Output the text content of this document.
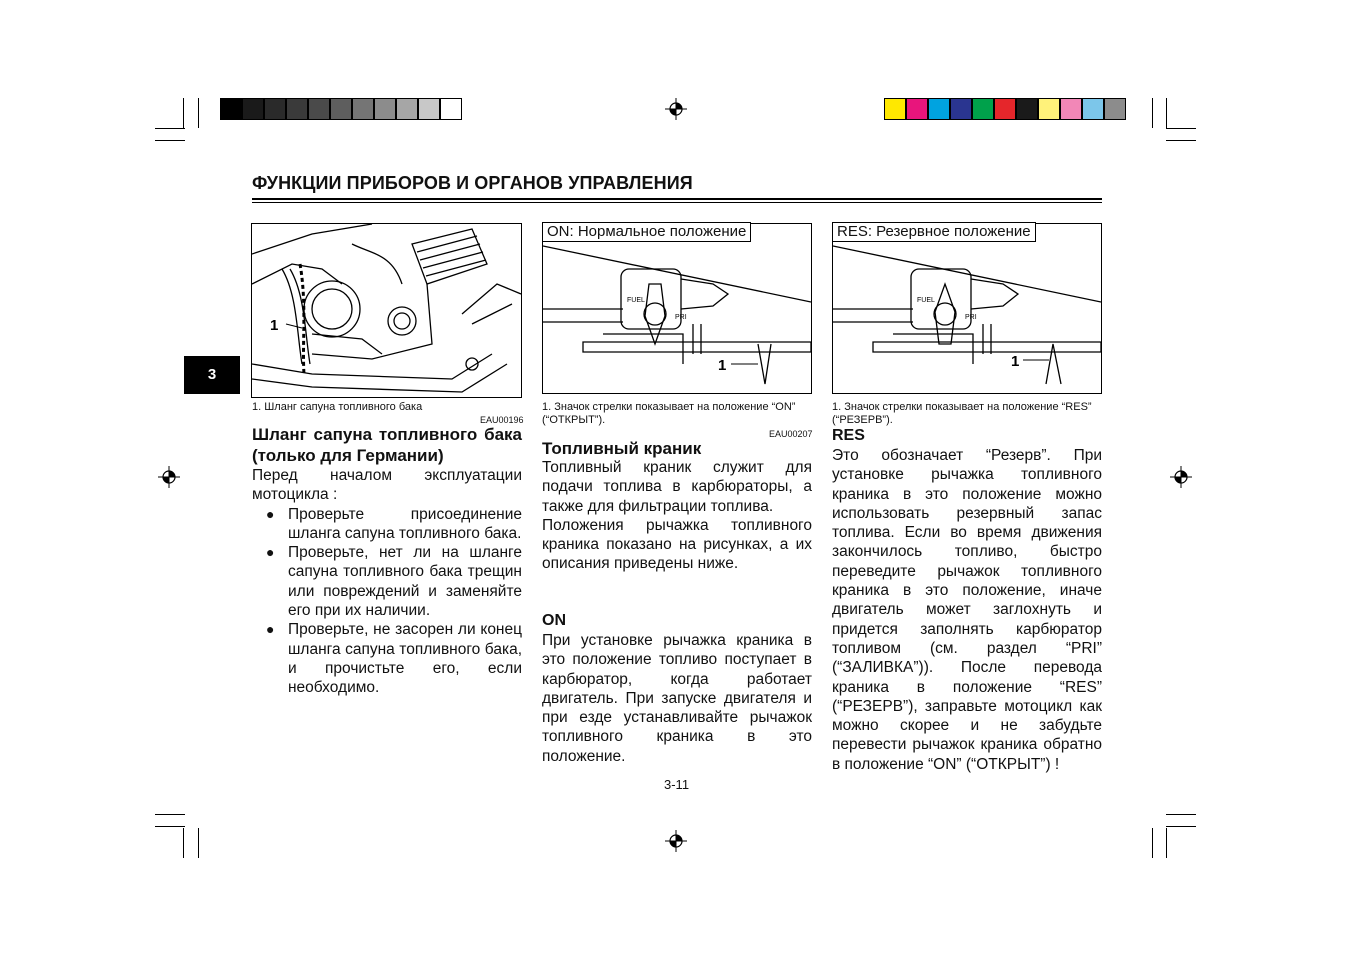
ФУНКЦИИ ПРИБОРОВ И ОРГАНОВ УПРАВЛЕНИЯ
3
1
1. Шланг сапуна топливного бака
EAU00196
FUEL
PRI
1
ON: Нормальное положение
1. Значок стрелки показывает на положение “ON” (“ОТКРЫТ”).
EAU00207
FUEL
PRI
1
RES: Резервное положение
1. Значок стрелки показывает на положение “RES” (“РЕЗЕРВ”).
Шланг сапуна топливного бака (только для Германии)

Перед началом эксплуатации мотоцикла :

● Проверьте присоединение шланга сапуна топливного бака.
● Проверьте, нет ли на шланге сапуна топливного бака трещин или повреждений и заменяйте его при их наличии.
● Проверьте, не засорен ли конец шланга сапуна топливного бака, и прочистьте его, если необходимо.
Топливный краник

Топливный краник служит для подачи топлива в карбюраторы, а также для фильтрации топлива.

Положения рычажка топливного краника показано на рисунках, а их описания приведены ниже.

ON

При установке рычажка краника в это положение топливо поступает в карбюратор, когда работает двигатель. При запуске двигателя и при езде устанавливайте рычажок топливного краника в это положение.

RES

Это обозначает “Резерв”. При установке рычажка топливного краника в это положение можно использовать резервный запас топлива. Если во время движения закончилось топливо, быстро переведите рычажок топливного краника в это положение, иначе двигатель может заглохнуть и придется заполнять карбюратор топливом (см. раздел “PRI” (“ЗАЛИВКА”)). После перевода краника в положение “RES” (“РЕЗЕРВ”), заправьте мотоцикл как можно скорее и не забудьте перевести рычажок краника обратно в положение “ON” (“ОТКРЫТ”) !

3-11
